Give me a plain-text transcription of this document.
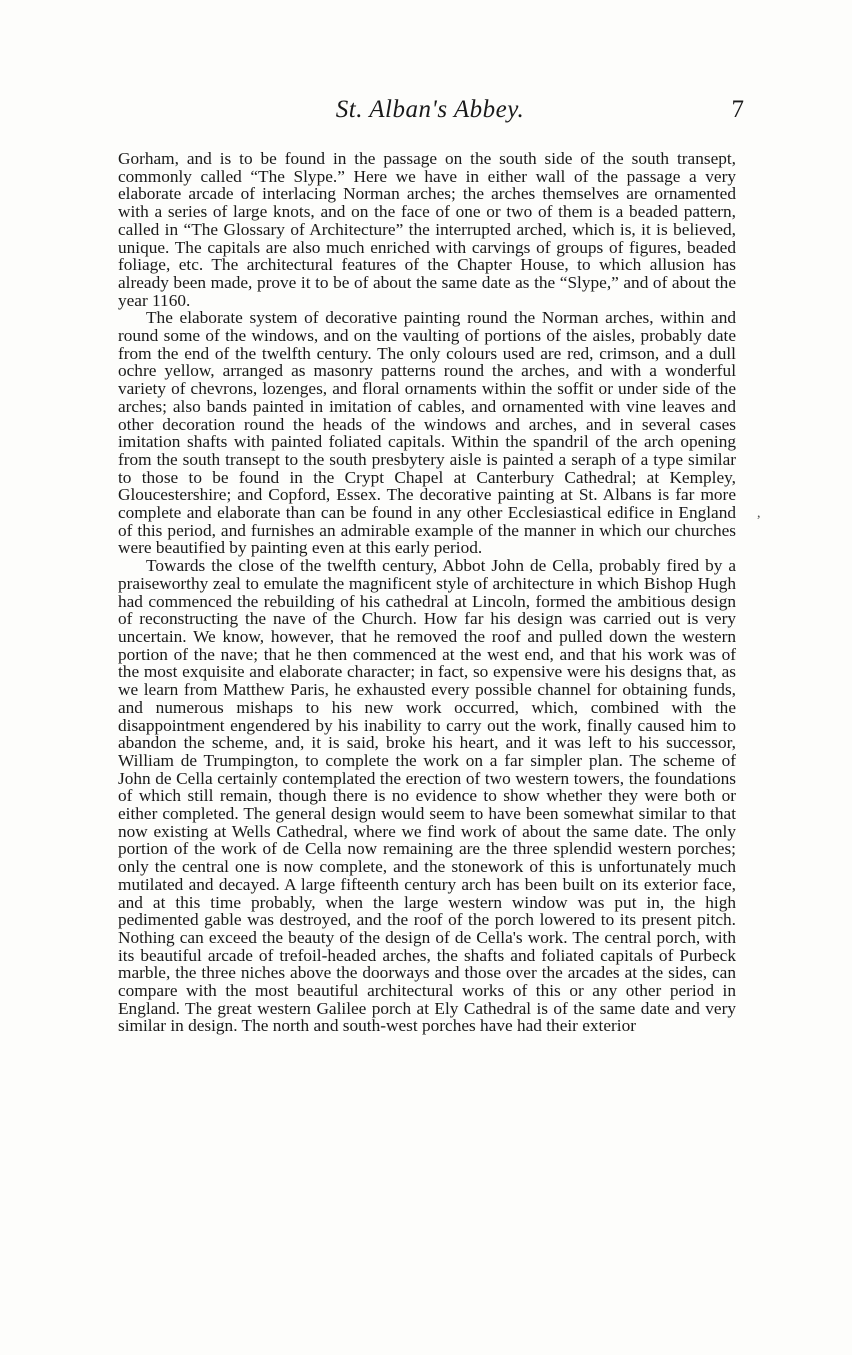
St. Alban's Abbey.	7

Gorham, and is to be found in the passage on the south side of the south transept, commonly called “The Slype.” Here we have in either wall of the passage a very elaborate arcade of interlacing Norman arches; the arches themselves are ornamented with a series of large knots, and on the face of one or two of them is a beaded pattern, called in “The Glossary of Architecture” the interrupted arched, which is, it is believed, unique. The capitals are also much enriched with carvings of groups of figures, beaded foliage, etc. The architectural features of the Chapter House, to which allusion has already been made, prove it to be of about the same date as the “Slype,” and of about the year 1160.

The elaborate system of decorative painting round the Norman arches, within and round some of the windows, and on the vaulting of portions of the aisles, probably date from the end of the twelfth century. The only colours used are red, crimson, and a dull ochre yellow, arranged as masonry patterns round the arches, and with a wonderful variety of chevrons, lozenges, and floral ornaments within the soffit or under side of the arches; also bands painted in imitation of cables, and ornamented with vine leaves and other decoration round the heads of the windows and arches, and in several cases imitation shafts with painted foliated capitals. Within the spandril of the arch opening from the south transept to the south presbytery aisle is painted a seraph of a type similar to those to be found in the Crypt Chapel at Canterbury Cathedral; at Kempley, Gloucestershire; and Copford, Essex. The decorative painting at St. Albans is far more complete and elaborate than can be found in any other Ecclesiastical edifice in England of this period, and furnishes an admirable example of the manner in which our churches were beautified by painting even at this early period.

Towards the close of the twelfth century, Abbot John de Cella, probably fired by a praiseworthy zeal to emulate the magnificent style of architecture in which Bishop Hugh had commenced the rebuilding of his cathedral at Lincoln, formed the ambitious design of reconstructing the nave of the Church. How far his design was carried out is very uncertain. We know, however, that he removed the roof and pulled down the western portion of the nave; that he then commenced at the west end, and that his work was of the most exquisite and elaborate character; in fact, so expensive were his designs that, as we learn from Matthew Paris, he exhausted every possible channel for obtaining funds, and numerous mishaps to his new work occurred, which, combined with the disappointment engendered by his inability to carry out the work, finally caused him to abandon the scheme, and, it is said, broke his heart, and it was left to his successor, William de Trumpington, to complete the work on a far simpler plan. The scheme of John de Cella certainly contemplated the erection of two western towers, the foundations of which still remain, though there is no evidence to show whether they were both or either completed. The general design would seem to have been somewhat similar to that now existing at Wells Cathedral, where we find work of about the same date. The only portion of the work of de Cella now remaining are the three splendid western porches; only the central one is now complete, and the stonework of this is unfortunately much mutilated and decayed. A large fifteenth century arch has been built on its exterior face, and at this time probably, when the large western window was put in, the high pedimented gable was destroyed, and the roof of the porch lowered to its present pitch. Nothing can exceed the beauty of the design of de Cella's work. The central porch, with its beautiful arcade of trefoil-headed arches, the shafts and foliated capitals of Purbeck marble, the three niches above the doorways and those over the arcades at the sides, can compare with the most beautiful architectural works of this or any other period in England. The great western Galilee porch at Ely Cathedral is of the same date and very similar in design. The north and south-west porches have had their exterior

,
